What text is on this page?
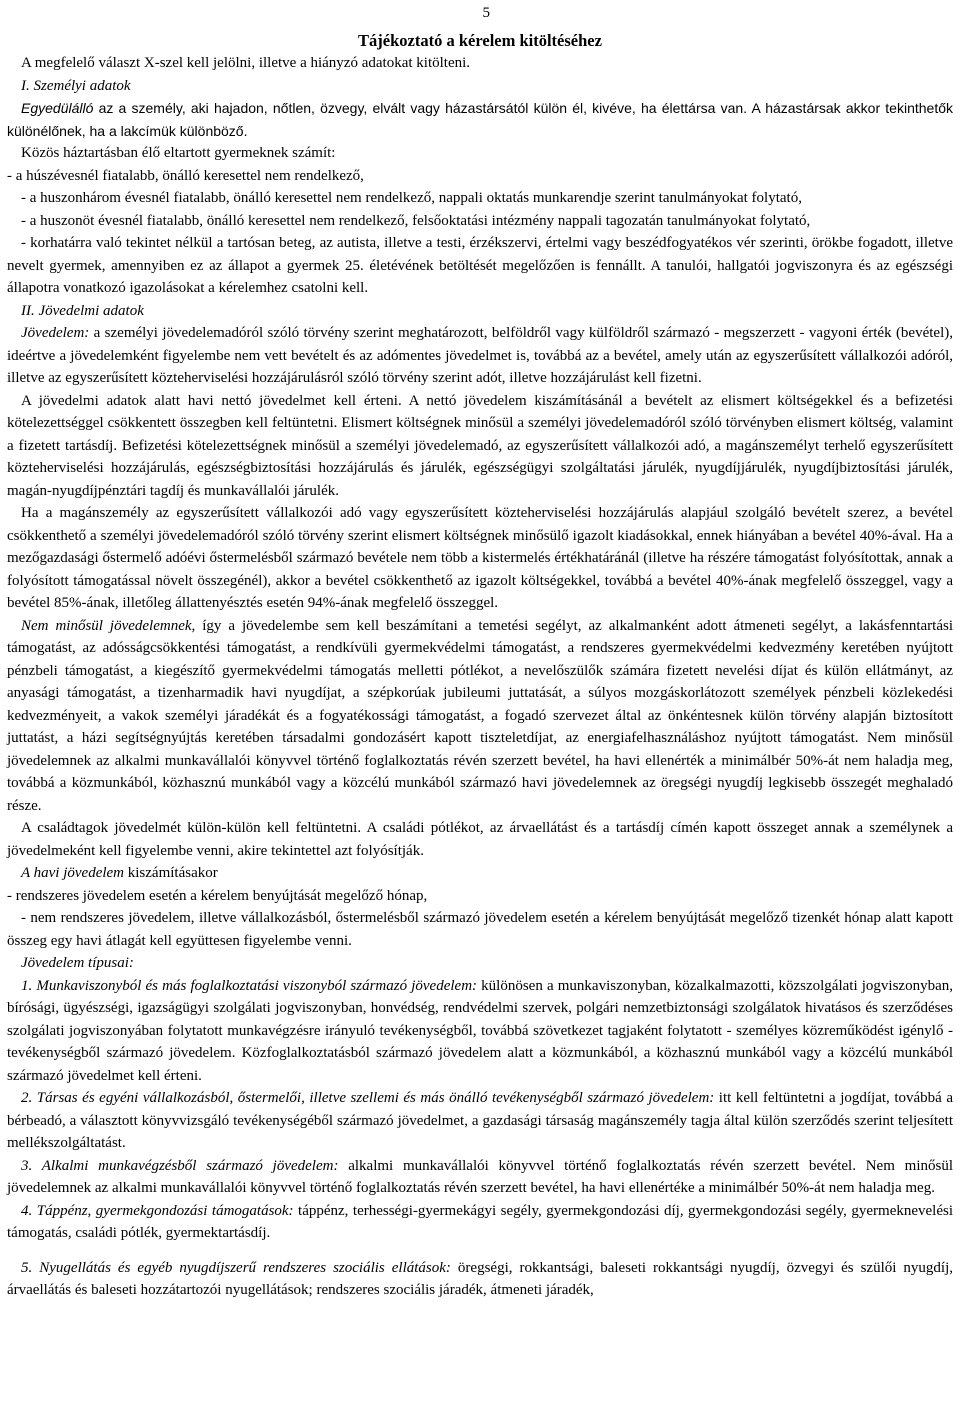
5
Tájékoztató a kérelem kitöltéséhez

A megfelelő választ X-szel kell jelölni, illetve a hiányzó adatokat kitölteni.

I. Személyi adatok

Egyedülálló az a személy, aki hajadon, nőtlen, özvegy, elvált vagy házastársától külön él, kivéve, ha élettársa van. A házastársak akkor tekinthetők különélőnek, ha a lakcímük különböző.

Közös háztartásban élő eltartott gyermeknek számít:

- a húszévesnél fiatalabb, önálló keresettel nem rendelkező,

- a huszonhárom évesnél fiatalabb, önálló keresettel nem rendelkező, nappali oktatás munkarendje szerint tanulmányokat folytató,

- a huszonöt évesnél fiatalabb, önálló keresettel nem rendelkező, felsőoktatási intézmény nappali tagozatán tanulmányokat folytató,

- korhatárra való tekintet nélkül a tartósan beteg, az autista, illetve a testi, érzékszervi, értelmi vagy beszédfogyatékos vér szerinti, örökbe fogadott, illetve nevelt gyermek, amennyiben ez az állapot a gyermek 25. életévének betöltését megelőzően is fennállt. A tanulói, hallgatói jogviszonyra és az egészségi állapotra vonatkozó igazolásokat a kérelemhez csatolni kell.

II. Jövedelmi adatok

Jövedelem: a személyi jövedelemadóról szóló törvény szerint meghatározott, belföldről vagy külföldről származó - megszerzett - vagyoni érték (bevétel), ideértve a jövedelemként figyelembe nem vett bevételt és az adómentes jövedelmet is, továbbá az a bevétel, amely után az egyszerűsített vállalkozói adóról, illetve az egyszerűsített közteherviselési hozzájárulásról szóló törvény szerint adót, illetve hozzájárulást kell fizetni.

A jövedelmi adatok alatt havi nettó jövedelmet kell érteni. A nettó jövedelem kiszámításánál a bevételt az elismert költségekkel és a befizetési kötelezettséggel csökkentett összegben kell feltüntetni. Elismert költségnek minősül a személyi jövedelemadóról szóló törvényben elismert költség, valamint a fizetett tartásdíj. Befizetési kötelezettségnek minősül a személyi jövedelemadó, az egyszerűsített vállalkozói adó, a magánszemélyt terhelő egyszerűsített közteherviselési hozzájárulás, egészségbiztosítási hozzájárulás és járulék, egészségügyi szolgáltatási járulék, nyugdíjjárulék, nyugdíjbiztosítási járulék, magán-nyugdíjpénztári tagdíj és munkavállalói járulék.

Ha a magánszemély az egyszerűsített vállalkozói adó vagy egyszerűsített közteherviselési hozzájárulás alapjául szolgáló bevételt szerez, a bevétel csökkenthető a személyi jövedelemadóról szóló törvény szerint elismert költségnek minősülő igazolt kiadásokkal, ennek hiányában a bevétel 40%-ával. Ha a mezőgazdasági őstermelő adóévi őstermelésből származó bevétele nem több a kistermelés értékhatáránál (illetve ha részére támogatást folyósítottak, annak a folyósított támogatással növelt összegénél), akkor a bevétel csökkenthető az igazolt költségekkel, továbbá a bevétel 40%-ának megfelelő összeggel, vagy a bevétel 85%-ának, illetőleg állattenyésztés esetén 94%-ának megfelelő összeggel.

Nem minősül jövedelemnek, így a jövedelembe sem kell beszámítani a temetési segélyt, az alkalmanként adott átmeneti segélyt, a lakásfenntartási támogatást, az adósságcsökkentési támogatást, a rendkívüli gyermekvédelmi támogatást, a rendszeres gyermekvédelmi kedvezmény keretében nyújtott pénzbeli támogatást, a kiegészítő gyermekvédelmi támogatás melletti pótlékot, a nevelőszülők számára fizetett nevelési díjat és külön ellátmányt, az anyasági támogatást, a tizenharmadik havi nyugdíjat, a szépkorúak jubileumi juttatását, a súlyos mozgáskorlátozott személyek pénzbeli közlekedési kedvezményeit, a vakok személyi járadékát és a fogyatékossági támogatást, a fogadó szervezet által az önkéntesnek külön törvény alapján biztosított juttatást, a házi segítségnyújtás keretében társadalmi gondozásért kapott tiszteletdíjat, az energiafelhasználáshoz nyújtott támogatást. Nem minősül jövedelemnek az alkalmi munkavállalói könyvvel történő foglalkoztatás révén szerzett bevétel, ha havi ellenérték a minimálbér 50%-át nem haladja meg, továbbá a közmunkából, közhasznú munkából vagy a közcélú munkából származó havi jövedelemnek az öregségi nyugdíj legkisebb összegét meghaladó része.

A családtagok jövedelmét külön-külön kell feltüntetni. A családi pótlékot, az árvaellátást és a tartásdíj címén kapott összeget annak a személynek a jövedelmeként kell figyelembe venni, akire tekintettel azt folyósítják.

A havi jövedelem kiszámításakor

- rendszeres jövedelem esetén a kérelem benyújtását megelőző hónap,

- nem rendszeres jövedelem, illetve vállalkozásból, őstermelésből származó jövedelem esetén a kérelem benyújtását megelőző tizenkét hónap alatt kapott összeg egy havi átlagát kell együttesen figyelembe venni.

Jövedelem típusai:

1. Munkaviszonyból és más foglalkoztatási viszonyból származó jövedelem: különösen a munkaviszonyban, közalkalmazotti, közszolgálati jogviszonyban, bírósági, ügyészségi, igazságügyi szolgálati jogviszonyban, honvédség, rendvédelmi szervek, polgári nemzetbiztonsági szolgálatok hivatásos és szerződéses szolgálati jogviszonyában folytatott munkavégzésre irányuló tevékenységből, továbbá szövetkezet tagjaként folytatott - személyes közreműködést igénylő - tevékenységből származó jövedelem. Közfoglalkoztatásból származó jövedelem alatt a közmunkából, a közhasznú munkából vagy a közcélú munkából származó jövedelmet kell érteni.

2. Társas és egyéni vállalkozásból, őstermelői, illetve szellemi és más önálló tevékenységből származó jövedelem: itt kell feltüntetni a jogdíjat, továbbá a bérbeadó, a választott könyvvizsgáló tevékenységéből származó jövedelmet, a gazdasági társaság magánszemély tagja által külön szerződés szerint teljesített mellékszolgáltatást.

3. Alkalmi munkavégzésből származó jövedelem: alkalmi munkavállalói könyvvel történő foglalkoztatás révén szerzett bevétel. Nem minősül jövedelemnek az alkalmi munkavállalói könyvvel történő foglalkoztatás révén szerzett bevétel, ha havi ellenértéke a minimálbér 50%-át nem haladja meg.

4. Táppénz, gyermekgondozási támogatások: táppénz, terhességi-gyermekágyi segély, gyermekgondozási díj, gyermekgondozási segély, gyermeknevelési támogatás, családi pótlék, gyermektartásdíj.

5. Nyugellátás és egyéb nyugdíjszerű rendszeres szociális ellátások: öregségi, rokkantsági, baleseti rokkantsági nyugdíj, özvegyi és szülői nyugdíj, árvaellátás és baleseti hozzátartozói nyugellátások; rendszeres szociális járadék, átmeneti járadék,
